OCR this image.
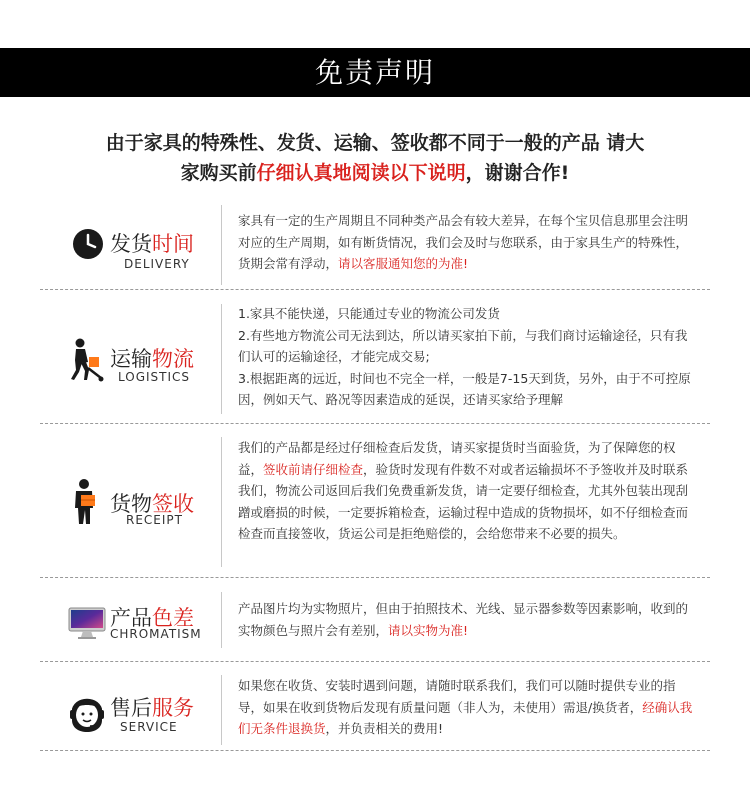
免责声明
由于家具的特殊性、发货、运输、签收都不同于一般的产品 请大
家购买前仔细认真地阅读以下说明，谢谢合作!
发货时间
DELIVERY
家具有一定的生产周期且不同种类产品会有较大差异，在每个宝贝信息那里会注明对应的生产周期，如有断货情况，我们会及时与您联系，由于家具生产的特殊性，货期会常有浮动，请以客服通知您的为准!
运输物流
LOGISTICS

1.家具不能快递，只能通过专业的物流公司发货

2.有些地方物流公司无法到达，所以请买家拍下前，与我们商讨运输途径，只有我们认可的运输途径，才能完成交易;

3.根据距离的远近，时间也不完全一样，一般是7-15天到货，另外，由于不可控原因，例如天气、路况等因素造成的延误，还请买家给予理解

货物签收
RECEIPT
我们的产品都是经过仔细检查后发货，请买家提货时当面验货，为了保障您的权益，签收前请仔细检查，验货时发现有件数不对或者运输损坏不予签收并及时联系我们，物流公司返回后我们免费重新发货，请一定要仔细检查，尤其外包装出现刮蹭或磨损的时候，一定要拆箱检查，运输过程中造成的货物损坏，如不仔细检查而检查而直接签收，货运公司是拒绝赔偿的，会给您带来不必要的损失。
产品色差
CHROMATISM
产品图片均为实物照片，但由于拍照技术、光线、显示器参数等因素影响，收到的实物颜色与照片会有差别，请以实物为准!
售后服务
SERVICE
如果您在收货、安装时遇到问题，请随时联系我们，我们可以随时提供专业的指导，如果在收到货物后发现有质量问题（非人为，未使用）需退/换货者，经确认我们无条件退换货，并负责相关的费用!
